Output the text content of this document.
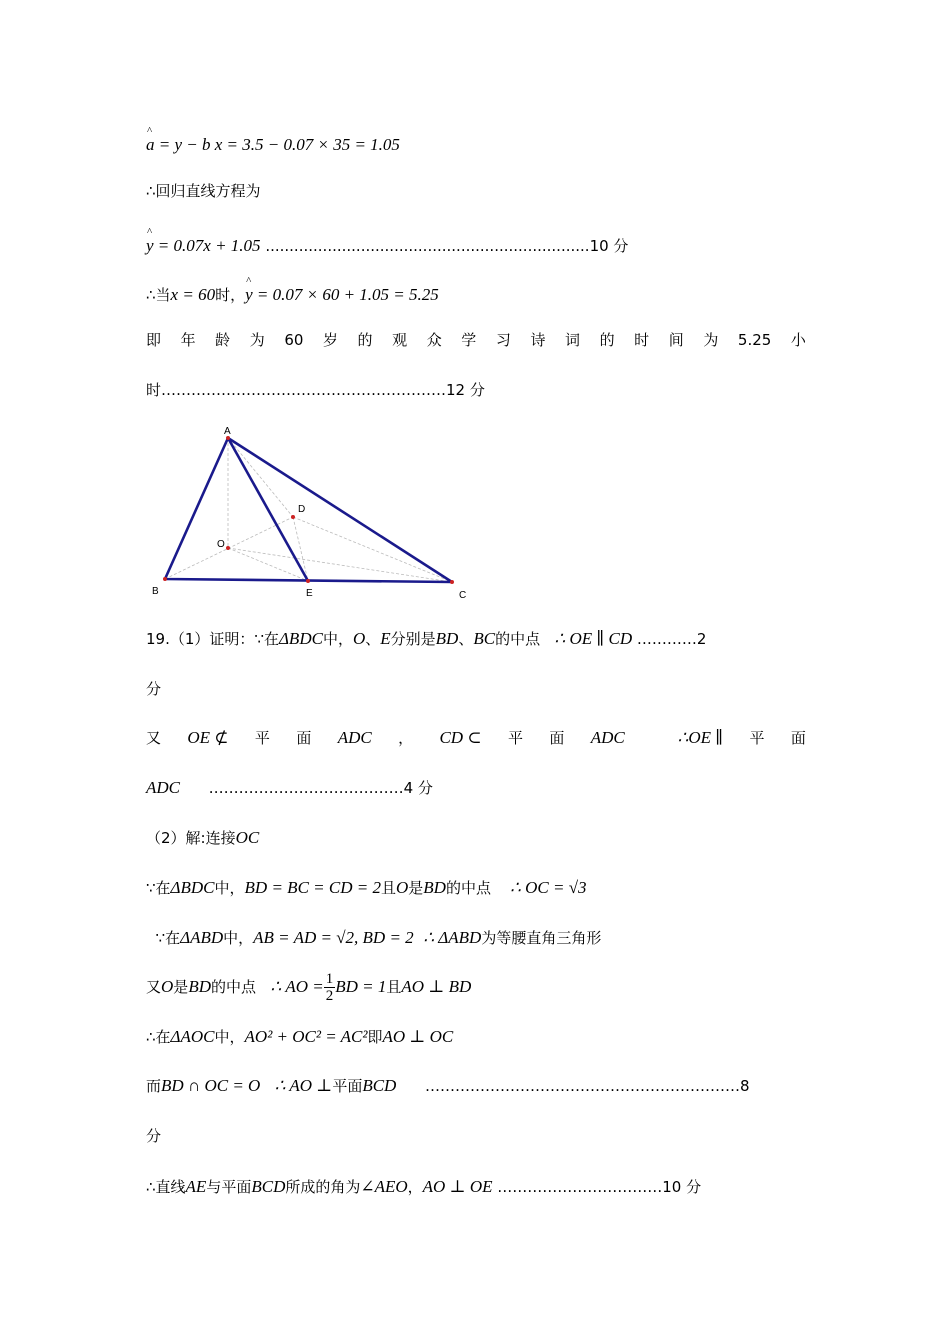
^ a = y − b x = 3.5 − 0.07 × 35 = 1.05
∴回归直线方程为
^ y = 0.07x + 1.05 ....................................................................10 分
∴当x = 60时，^ y = 0.07 × 60 + 1.05 = 5.25
即 年 龄 为 60 岁 的 观 众 学 习 诗 词 的 时 间 为 5.25 小
时…………………………………………………12 分
A
B	C
D
E
O
19.（1）证明：∵在ΔBDC中，O、E分别是BD、BC的中点 ∴ OE ∥ CD …………2
分
又 OE ⊄ 平 面 ADC ， CD ⊂ 平 面 ADC	∴OE ∥ 平 面
ADC …………………………………4 分
（2）解:连接OC
∵在ΔBDC中，BD = BC = CD = 2且O是BD的中点 ∴ OC = √3
∵在ΔABD中，AB = AD = √2, BD = 2 ∴ ΔABD为等腰直角三角形
又O是BD的中点 ∴ AO = $\frac{1}{2}$ BD = 1且AO ⊥ BD
∴在ΔAOC中，AO² + OC² = AC²即AO ⊥ OC
而BD ∩ OC = O ∴ AO ⊥平面BCD ………………………………………………………8
分
∴直线AE与平面BCD所成的角为∠AEO，AO ⊥ OE ……………………………10 分
